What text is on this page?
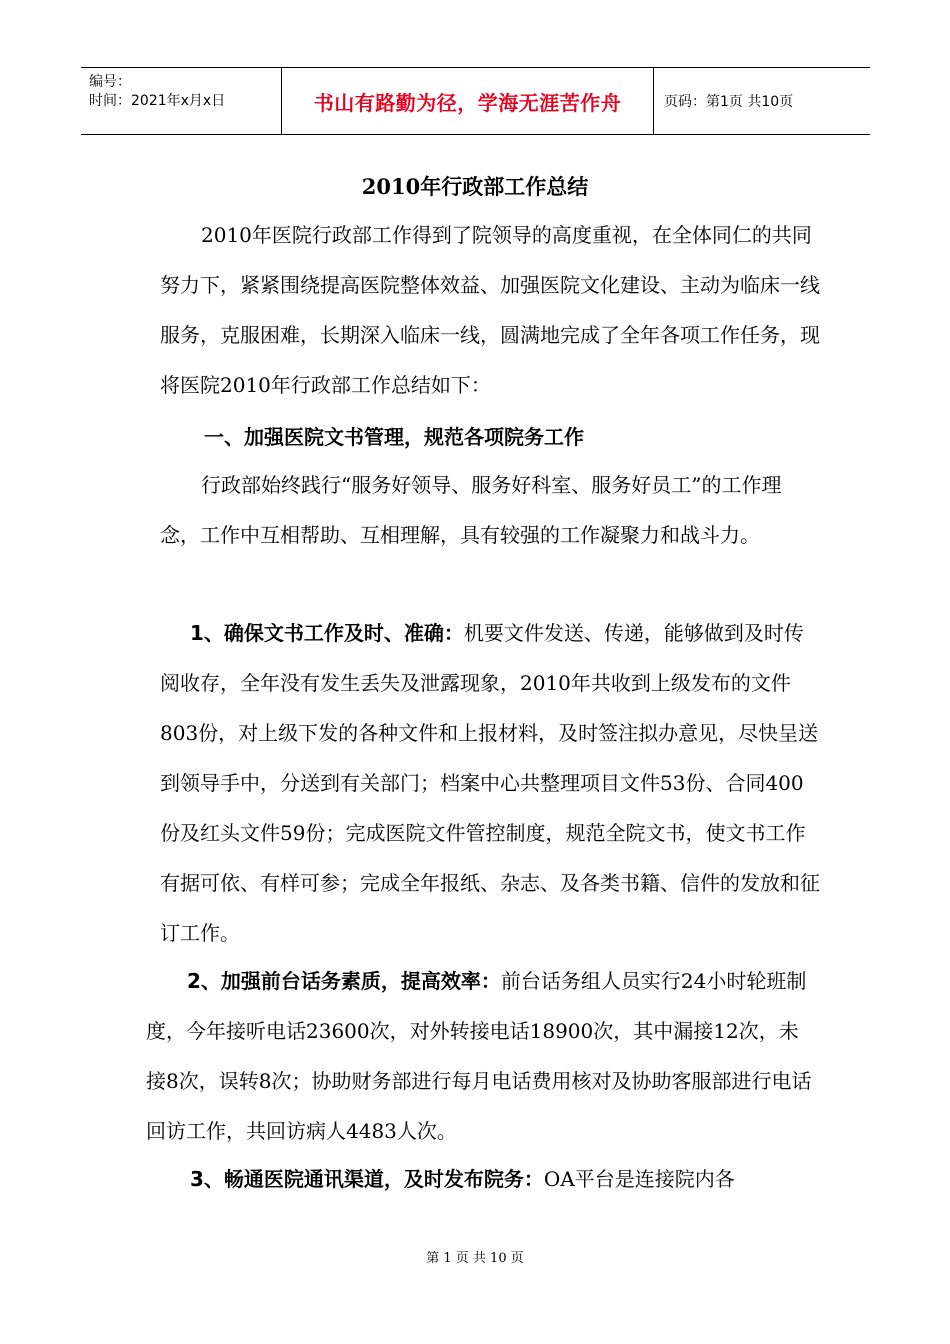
编号：
时间：2021年x月x日	书山有路勤为径，学海无涯苦作舟	页码：第1页 共10页
2010年行政部工作总结

2010年医院行政部工作得到了院领导的高度重视，在全体同仁的共同努力下，紧紧围绕提高医院整体效益、加强医院文化建设、主动为临床一线服务，克服困难，长期深入临床一线，圆满地完成了全年各项工作任务，现将医院2010年行政部工作总结如下：

一、加强医院文书管理，规范各项院务工作

行政部始终践行“服务好领导、服务好科室、服务好员工”的工作理念，工作中互相帮助、互相理解，具有较强的工作凝聚力和战斗力。

1、确保文书工作及时、准确：机要文件发送、传递，能够做到及时传阅收存，全年没有发生丢失及泄露现象，2010年共收到上级发布的文件803份，对上级下发的各种文件和上报材料，及时签注拟办意见，尽快呈送到领导手中，分送到有关部门；档案中心共整理项目文件53份、合同400份及红头文件59份；完成医院文件管控制度，规范全院文书，使文书工作有据可依、有样可参；完成全年报纸、杂志、及各类书籍、信件的发放和征订工作。

2、加强前台话务素质，提高效率：前台话务组人员实行24小时轮班制度，今年接听电话23600次，对外转接电话18900次，其中漏接12次，未接8次，误转8次；协助财务部进行每月电话费用核对及协助客服部进行电话回访工作，共回访病人4483人次。

3、畅通医院通讯渠道，及时发布院务：OA平台是连接院内各

第 1 页 共 10 页
